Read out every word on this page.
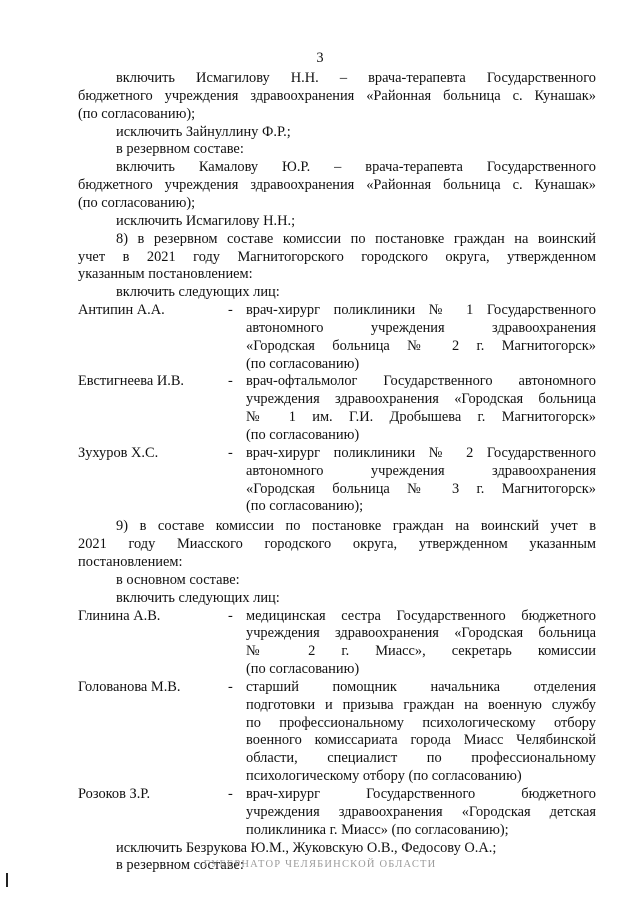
3
включить Исмагилову Н.Н. – врача-терапевта Государственного
бюджетного учреждения здравоохранения «Районная больница с. Кунашак»
(по согласованию);
исключить Зайнуллину Ф.Р.;
в резервном составе:
включить Камалову Ю.Р. – врача-терапевта Государственного
бюджетного учреждения здравоохранения «Районная больница с. Кунашак»
(по согласованию);
исключить Исмагилову Н.Н.;
8) в резервном составе комиссии по постановке граждан на воинский
учет в 2021 году Магнитогорского городского округа, утвержденном
указанным постановлением:
включить следующих лиц:
Антипин А.А.	- врач-хирург поликлиники № 1 Государственного
автономного учреждения здравоохранения
«Городская больница № 2 г. Магнитогорск»
(по согласованию)
Евстигнеева И.В.	- врач-офтальмолог Государственного автономного
учреждения здравоохранения «Городская больница
№ 1 им. Г.И. Дробышева г. Магнитогорск»
(по согласованию)
Зухуров Х.С.	- врач-хирург поликлиники № 2 Государственного
автономного учреждения здравоохранения
«Городская больница № 3 г. Магнитогорск»
(по согласованию);
9) в составе комиссии по постановке граждан на воинский учет в
2021 году Миасского городского округа, утвержденном указанным
постановлением:
в основном составе:
включить следующих лиц:
Глинина А.В.	- медицинская сестра Государственного бюджетного
учреждения здравоохранения «Городская больница
№ 2 г. Миасс», секретарь комиссии
(по согласованию)
Голованова М.В.	- старший помощник начальника отделения
подготовки и призыва граждан на военную службу
по профессиональному психологическому отбору
военного комиссариата города Миасс Челябинской
области, специалист по профессиональному
психологическому отбору (по согласованию)
Розоков З.Р.	- врач-хирург Государственного бюджетного
учреждения здравоохранения «Городская детская
поликлиника г. Миасс» (по согласованию);
исключить Безрукова Ю.М., Жуковскую О.В., Федосову О.А.;
в резервном составе:
ГУБЕРНАТОР ЧЕЛЯБИНСКОЙ ОБЛАСТИ
